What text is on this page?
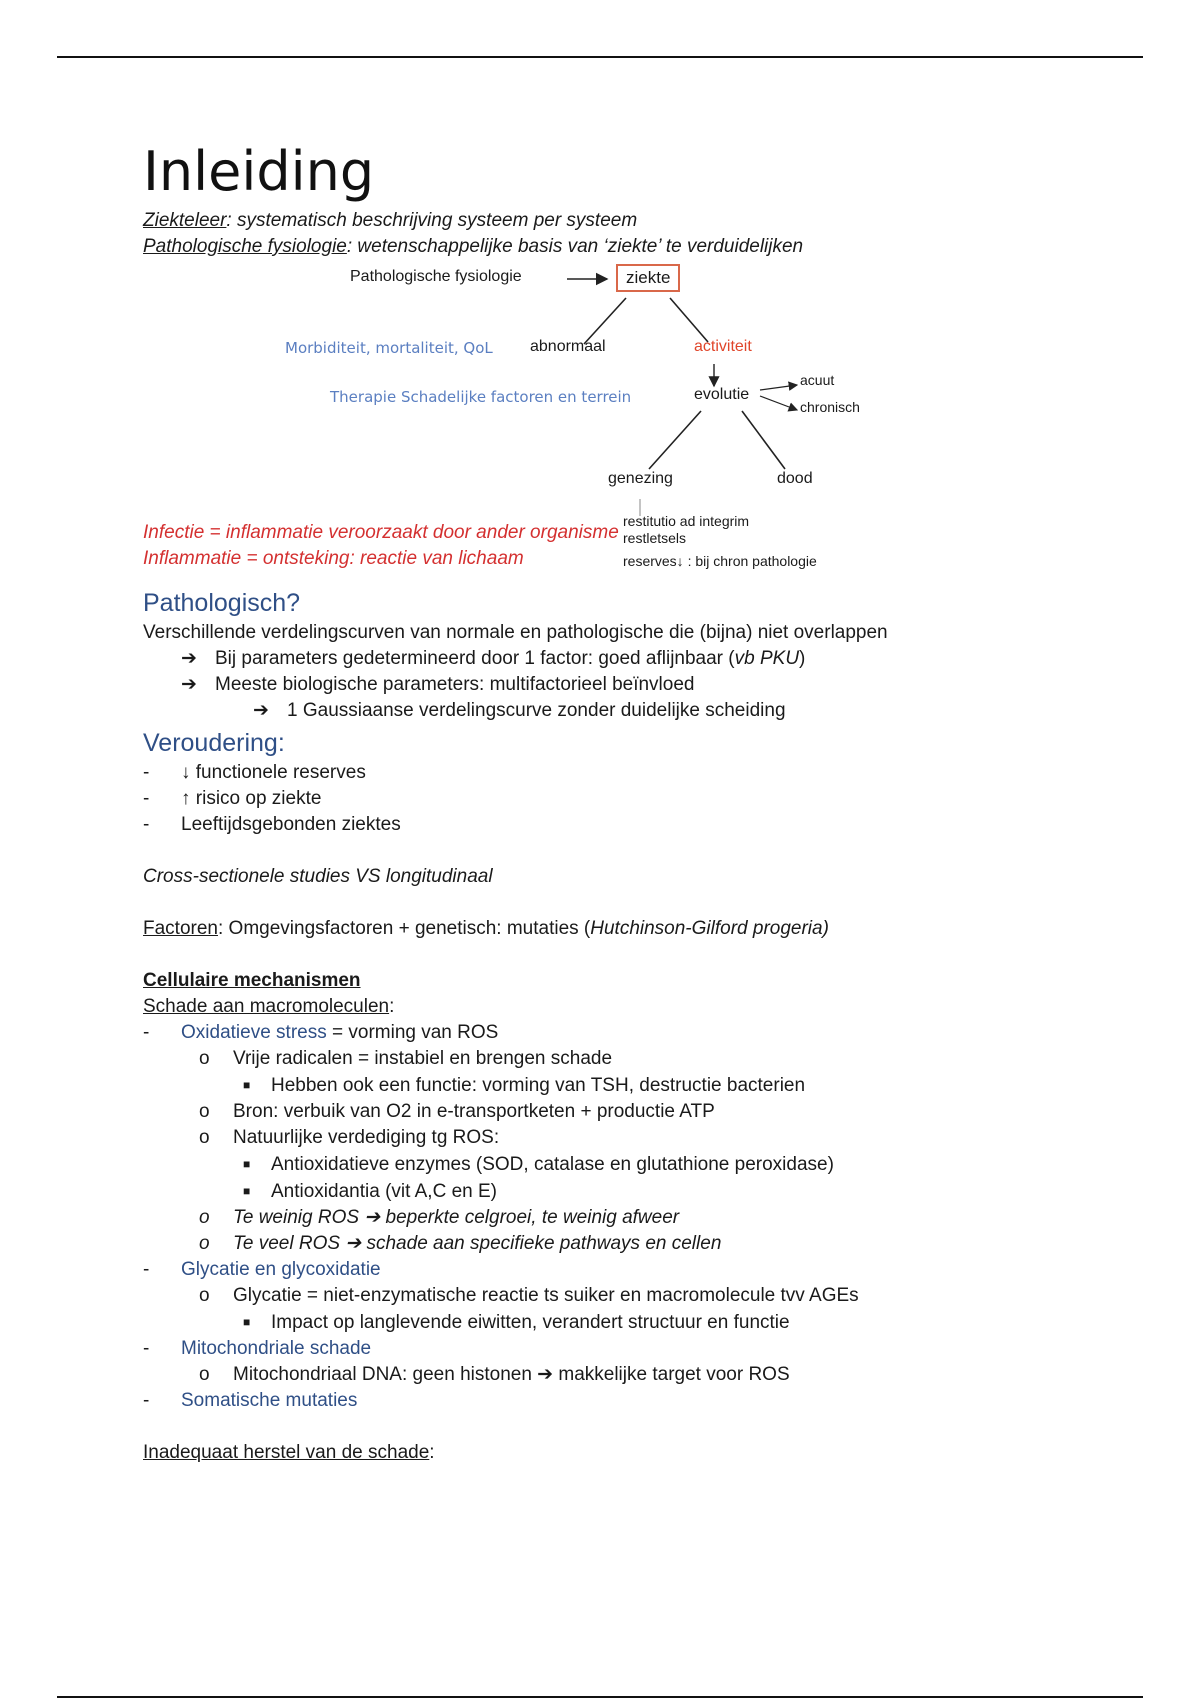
Inleiding
Ziekteleer: systematisch beschrijving systeem per systeem
Pathologische fysiologie: wetenschappelijke basis van ‘ziekte’ te verduidelijken
Pathologische fysiologie	ziekte
Morbiditeit, mortaliteit, QoL abnormaal	activiteit
Therapie Schadelijke factoren en terrein	evolutie
acuut
chronisch
genezing	dood
restitutio ad integrim
restletsels
Infectie = inflammatie veroorzaakt door ander organisme
Inflammatie = ontsteking: reactie van lichaam	reserves↓ : bij chron pathologie
Pathologisch?
Verschillende verdelingscurven van normale en pathologische die (bijna) niet overlappen
➔ Bij parameters gedetermineerd door 1 factor: goed aflijnbaar (vb PKU)
➔ Meeste biologische parameters: multifactorieel beïnvloed
➔ 1 Gaussiaanse verdelingscurve zonder duidelijke scheiding
Veroudering:
- ↓ functionele reserves
- ↑ risico op ziekte
- Leeftijdsgebonden ziektes
Cross-sectionele studies VS longitudinaal
Factoren: Omgevingsfactoren + genetisch: mutaties (Hutchinson-Gilford progeria)
Cellulaire mechanismen
Schade aan macromoleculen:
- Oxidatieve stress = vorming van ROS
o Vrije radicalen = instabiel en brengen schade
■ Hebben ook een functie: vorming van TSH, destructie bacterien
o Bron: verbuik van O2 in e-transportketen + productie ATP
o Natuurlijke verdediging tg ROS:
■ Antioxidatieve enzymes (SOD, catalase en glutathione peroxidase)
■ Antioxidantia (vit A,C en E)
o Te weinig ROS ➔ beperkte celgroei, te weinig afweer
o Te veel ROS ➔ schade aan specifieke pathways en cellen
- Glycatie en glycoxidatie
o Glycatie = niet-enzymatische reactie ts suiker en macromolecule tvv AGEs
■ Impact op langlevende eiwitten, verandert structuur en functie
- Mitochondriale schade
o Mitochondriaal DNA: geen histonen ➔ makkelijke target voor ROS
- Somatische mutaties
Inadequaat herstel van de schade:
